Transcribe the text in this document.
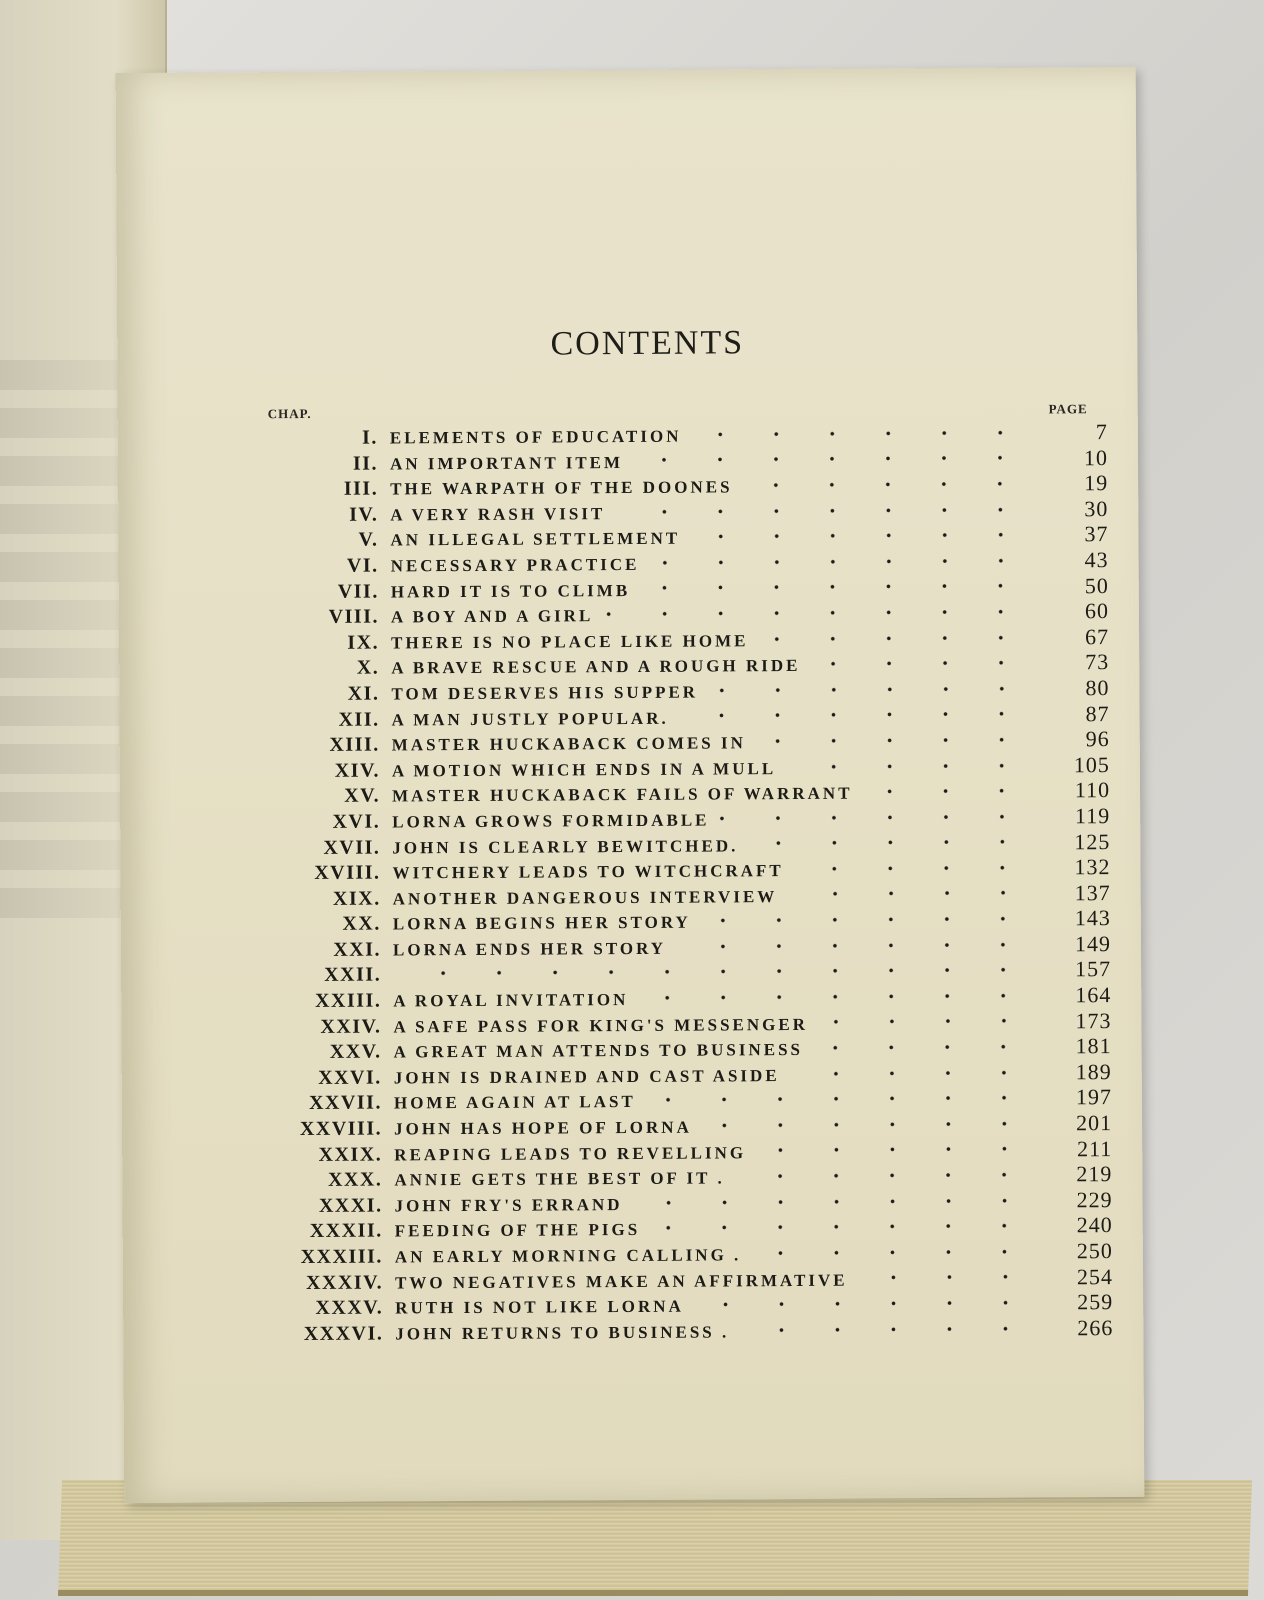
CONTENTS
CHAP.	PAGE
I. ELEMENTS OF EDUCATION	7
II. AN IMPORTANT ITEM	10
III. THE WARPATH OF THE DOONES	19
IV. A VERY RASH VISIT	30
V. AN ILLEGAL SETTLEMENT	37
VI. NECESSARY PRACTICE	43
VII. HARD IT IS TO CLIMB	50
VIII. A BOY AND A GIRL	60
IX. THERE IS NO PLACE LIKE HOME	67
X. A BRAVE RESCUE AND A ROUGH RIDE	73
XI. TOM DESERVES HIS SUPPER	80
XII. A MAN JUSTLY POPULAR.	87
XIII. MASTER HUCKABACK COMES IN	96
XIV. A MOTION WHICH ENDS IN A MULL	105
XV. MASTER HUCKABACK FAILS OF WARRANT	110
XVI. LORNA GROWS FORMIDABLE	119
XVII. JOHN IS CLEARLY BEWITCHED.	125
XVIII. WITCHERY LEADS TO WITCHCRAFT	132
XIX. ANOTHER DANGEROUS INTERVIEW	137
XX. LORNA BEGINS HER STORY	143
XXI. LORNA ENDS HER STORY	149
XXII.	157
XXIII. A ROYAL INVITATION	164
XXIV. A SAFE PASS FOR KING'S MESSENGER	173
XXV. A GREAT MAN ATTENDS TO BUSINESS	181
XXVI. JOHN IS DRAINED AND CAST ASIDE	189
XXVII. HOME AGAIN AT LAST	197
XXVIII. JOHN HAS HOPE OF LORNA	201
XXIX. REAPING LEADS TO REVELLING	211
XXX. ANNIE GETS THE BEST OF IT .	219
XXXI. JOHN FRY'S ERRAND	229
XXXII. FEEDING OF THE PIGS	240
XXXIII. AN EARLY MORNING CALLING .	250
XXXIV. TWO NEGATIVES MAKE AN AFFIRMATIVE	254
XXXV. RUTH IS NOT LIKE LORNA	259
XXXVI. JOHN RETURNS TO BUSINESS .	266
